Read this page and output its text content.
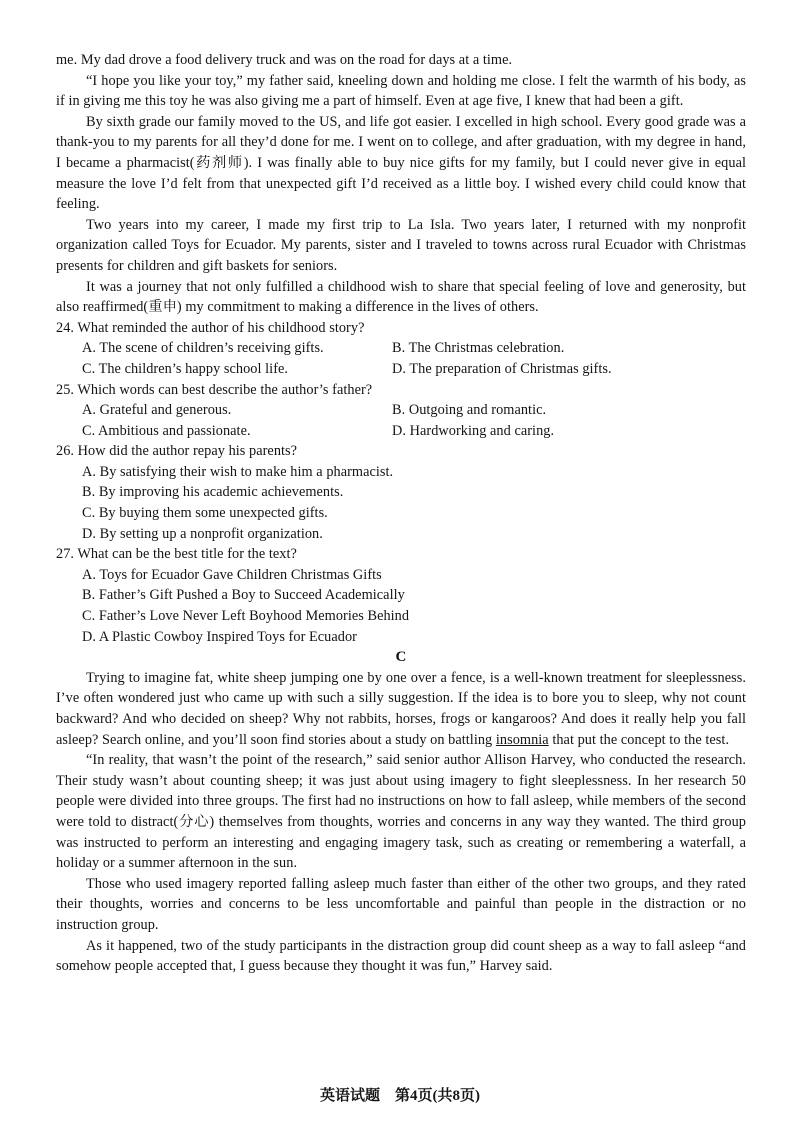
me. My dad drove a food delivery truck and was on the road for days at a time.

“I hope you like your toy,” my father said, kneeling down and holding me close. I felt the warmth of his body, as if in giving me this toy he was also giving me a part of himself. Even at age five, I knew that had been a gift.

By sixth grade our family moved to the US, and life got easier. I excelled in high school. Every good grade was a thank-you to my parents for all they’d done for me. I went on to college, and after graduation, with my degree in hand, I became a pharmacist(药剂师). I was finally able to buy nice gifts for my family, but I could never give in equal measure the love I’d felt from that unexpected gift I’d received as a little boy. I wished every child could know that feeling.

Two years into my career, I made my first trip to La Isla. Two years later, I returned with my nonprofit organization called Toys for Ecuador. My parents, sister and I traveled to towns across rural Ecuador with Christmas presents for children and gift baskets for seniors.

It was a journey that not only fulfilled a childhood wish to share that special feeling of love and generosity, but also reaffirmed(重申) my commitment to making a difference in the lives of others.

24. What reminded the author of his childhood story?

A. The scene of children’s receiving gifts.	B. The Christmas celebration.
C. The children’s happy school life.	D. The preparation of Christmas gifts.

25. Which words can best describe the author’s father?

A. Grateful and generous.	B. Outgoing and romantic.
C. Ambitious and passionate.	D. Hardworking and caring.

26. How did the author repay his parents?

A. By satisfying their wish to make him a pharmacist.

B. By improving his academic achievements.

C. By buying them some unexpected gifts.

D. By setting up a nonprofit organization.

27. What can be the best title for the text?

A. Toys for Ecuador Gave Children Christmas Gifts

B. Father’s Gift Pushed a Boy to Succeed Academically

C. Father’s Love Never Left Boyhood Memories Behind

D. A Plastic Cowboy Inspired Toys for Ecuador

C

Trying to imagine fat, white sheep jumping one by one over a fence, is a well-known treatment for sleeplessness. I’ve often wondered just who came up with such a silly suggestion. If the idea is to bore you to sleep, why not count backward? And who decided on sheep? Why not rabbits, horses, frogs or kangaroos? And does it really help you fall asleep? Search online, and you’ll soon find stories about a study on battling insomnia that put the concept to the test.

“In reality, that wasn’t the point of the research,” said senior author Allison Harvey, who conducted the research. Their study wasn’t about counting sheep; it was just about using imagery to fight sleeplessness. In her research 50 people were divided into three groups. The first had no instructions on how to fall asleep, while members of the second were told to distract(分心) themselves from thoughts, worries and concerns in any way they wanted. The third group was instructed to perform an interesting and engaging imagery task, such as creating or remembering a waterfall, a holiday or a summer afternoon in the sun.

Those who used imagery reported falling asleep much faster than either of the other two groups, and they rated their thoughts, worries and concerns to be less uncomfortable and painful than people in the distraction or no instruction group.

As it happened, two of the study participants in the distraction group did count sheep as a way to fall asleep “and somehow people accepted that, I guess because they thought it was fun,” Harvey said.

英语试题　第4页(共8页)
